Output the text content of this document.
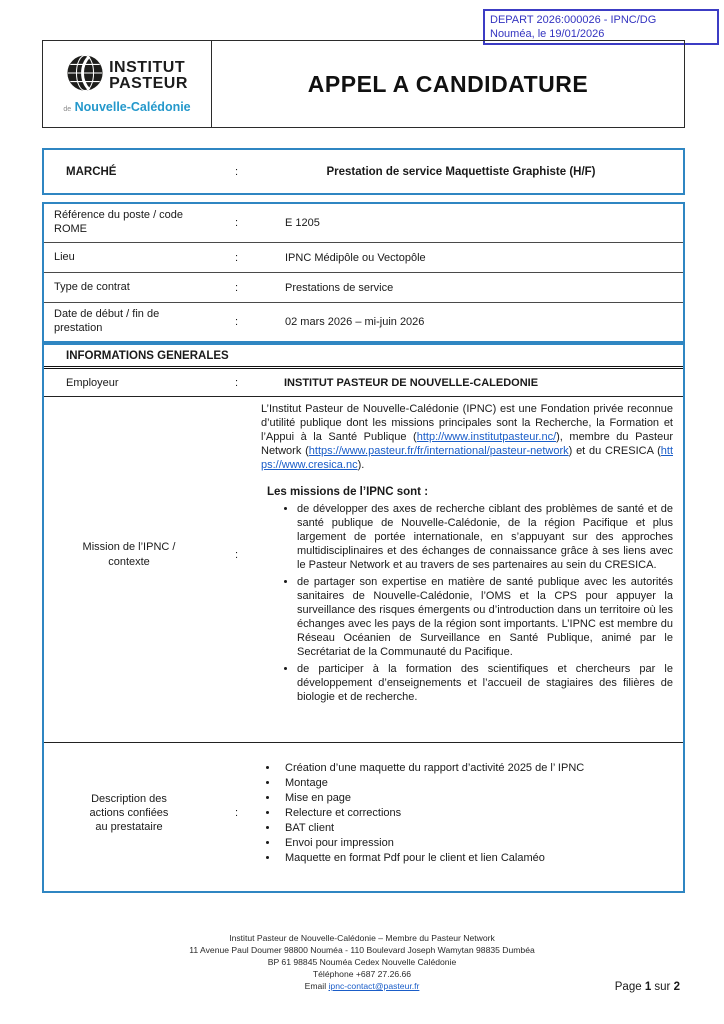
DEPART 2026:000026 - IPNC/DG
Nouméa, le 19/01/2026
INSTITUT
PASTEUR
de Nouvelle-Calédonie
APPEL A CANDIDATURE
MARCHÉ	:	Prestation de service Maquettiste Graphiste (H/F)
Référence du poste / code ROME	:	E 1205
Lieu	:	IPNC Médipôle ou Vectopôle
Type de contrat	:	Prestations de service
Date de début / fin de prestation	:	02 mars 2026 – mi-juin 2026
INFORMATIONS GENERALES
Employeur	:	INSTITUT PASTEUR DE NOUVELLE-CALEDONIE
Mission de l’IPNC /
contexte
:

L’Institut Pasteur de Nouvelle-Calédonie (IPNC) est une Fondation privée reconnue d’utilité publique dont les missions principales sont la Recherche, la Formation et l’Appui à la Santé Publique (http://www.institutpasteur.nc/), membre du Pasteur Network (https://www.pasteur.fr/fr/international/pasteur-network) et du CRESICA (https://www.cresica.nc).

Les missions de l’IPNC sont :
• de développer des axes de recherche ciblant des problèmes de santé et de santé publique de Nouvelle-Calédonie, de la région Pacifique et plus largement de portée internationale, en s’appuyant sur des approches multidisciplinaires et des échanges de connaissance grâce à ses liens avec le Pasteur Network et au travers de ses partenaires au sein du CRESICA.
• de partager son expertise en matière de santé publique avec les autorités sanitaires de Nouvelle-Calédonie, l’OMS et la CPS pour appuyer la surveillance des risques émergents ou d’introduction dans un territoire où les échanges avec les pays de la région sont importants. L’IPNC est membre du Réseau Océanien de Surveillance en Santé Publique, animé par le Secrétariat de la Communauté du Pacifique.
• de participer à la formation des scientifiques et chercheurs par le développement d’enseignements et l’accueil de stagiaires des filières de biologie et de recherche.
Description des
actions confiées
au prestataire
:
• Création d’une maquette du rapport d’activité 2025 de l’ IPNC
• Montage
• Mise en page
• Relecture et corrections
• BAT client
• Envoi pour impression
• Maquette en format Pdf pour le client et lien Calaméo
Institut Pasteur de Nouvelle-Calédonie – Membre du Pasteur Network
11 Avenue Paul Doumer 98800 Nouméa - 110 Boulevard Joseph Wamytan 98835 Dumbéa
BP 61 98845 Nouméa Cedex Nouvelle Calédonie
Téléphone +687 27.26.66
Email ipnc-contact@pasteur.fr	Page 1 sur 2
